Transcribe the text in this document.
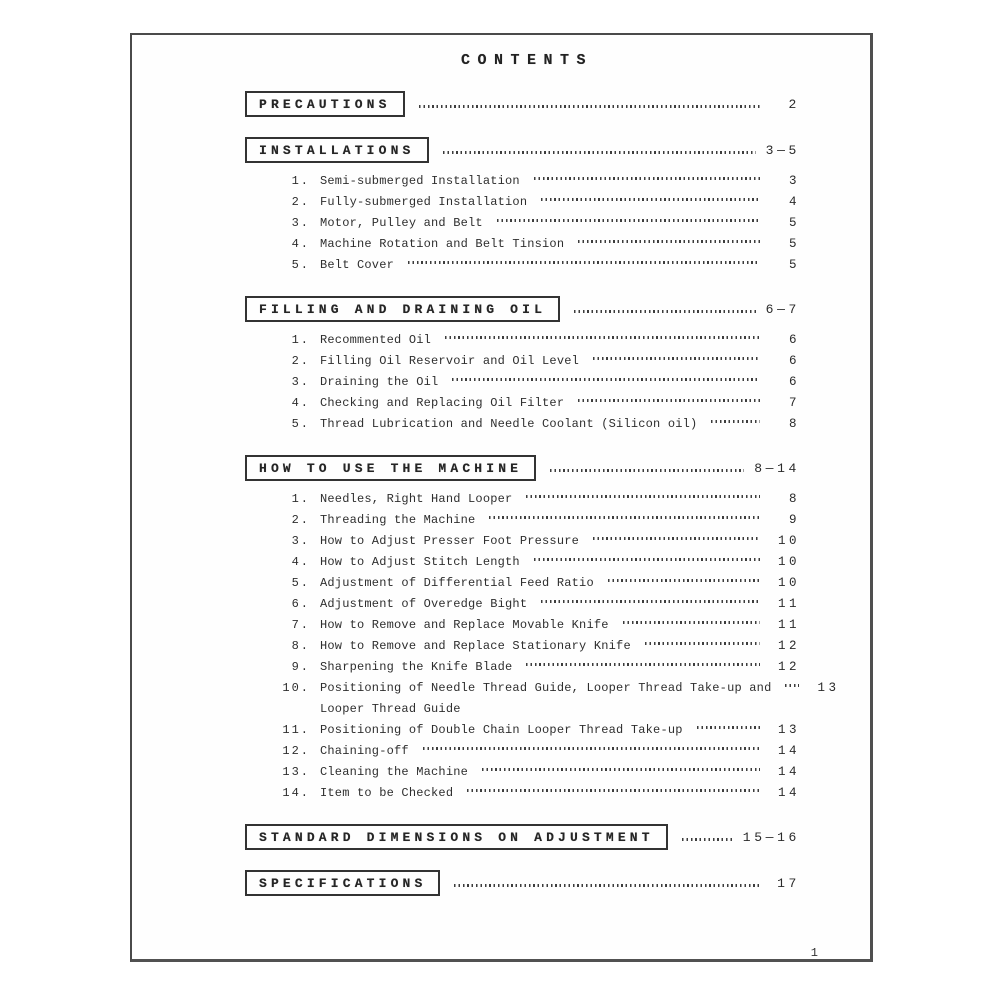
CONTENTS
PRECAUTIONS	2
INSTALLATIONS	3—5
1. Semi-submerged Installation	3
2. Fully-submerged Installation	4
3. Motor, Pulley and Belt	5
4. Machine Rotation and Belt Tinsion	5
5. Belt Cover	5
FILLING AND DRAINING OIL	6—7
1. Recommented Oil	6
2. Filling Oil Reservoir and Oil Level	6
3. Draining the Oil	6
4. Checking and Replacing Oil Filter	7
5. Thread Lubrication and Needle Coolant (Silicon oil)	8
HOW TO USE THE MACHINE	8—14
1. Needles, Right Hand Looper	8
2. Threading the Machine	9
3. How to Adjust Presser Foot Pressure	10
4. How to Adjust Stitch Length	10
5. Adjustment of Differential Feed Ratio	10
6. Adjustment of Overedge Bight	11
7. How to Remove and Replace Movable Knife	11
8. How to Remove and Replace Stationary Knife	12
9. Sharpening the Knife Blade	12
10. Positioning of Needle Thread Guide, Looper Thread Take-up and	13
Looper Thread Guide
11. Positioning of Double Chain Looper Thread Take-up	13
12. Chaining-off	14
13. Cleaning the Machine	14
14. Item to be Checked	14
STANDARD DIMENSIONS ON ADJUSTMENT	15—16
SPECIFICATIONS	17
1
